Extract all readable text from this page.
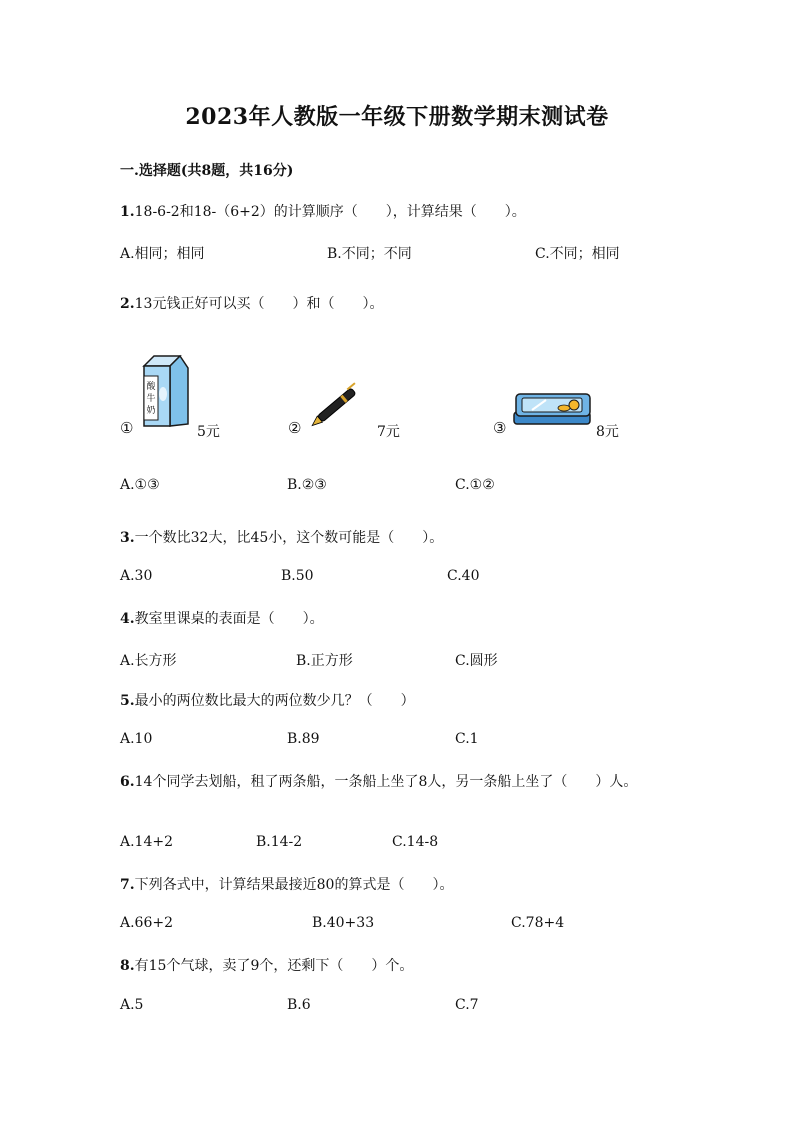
2023年人教版一年级下册数学期末测试卷
一.选择题(共8题，共16分)
1.18-6-2和18-（6+2）的计算顺序（　　），计算结果（　　）。
A.相同；相同	B.不同；不同	C.不同；相同
2.13元钱正好可以买（　　）和（　　）。
①
酸
牛
奶
5元	②	7元	③	8元
A.①③	B.②③	C.①②
3.一个数比32大，比45小，这个数可能是（　　）。
A.30	B.50	C.40
4.教室里课桌的表面是（　　）。
A.长方形	B.正方形	C.圆形
5.最小的两位数比最大的两位数少几？（　　）
A.10	B.89	C.1
6.14个同学去划船，租了两条船，一条船上坐了8人，另一条船上坐了（　　）人。
A.14+2	B.14-2	C.14-8
7.下列各式中，计算结果最接近80的算式是（　　）。
A.66+2	B.40+33	C.78+4
8.有15个气球，卖了9个，还剩下（　　）个。
A.5	B.6	C.7
